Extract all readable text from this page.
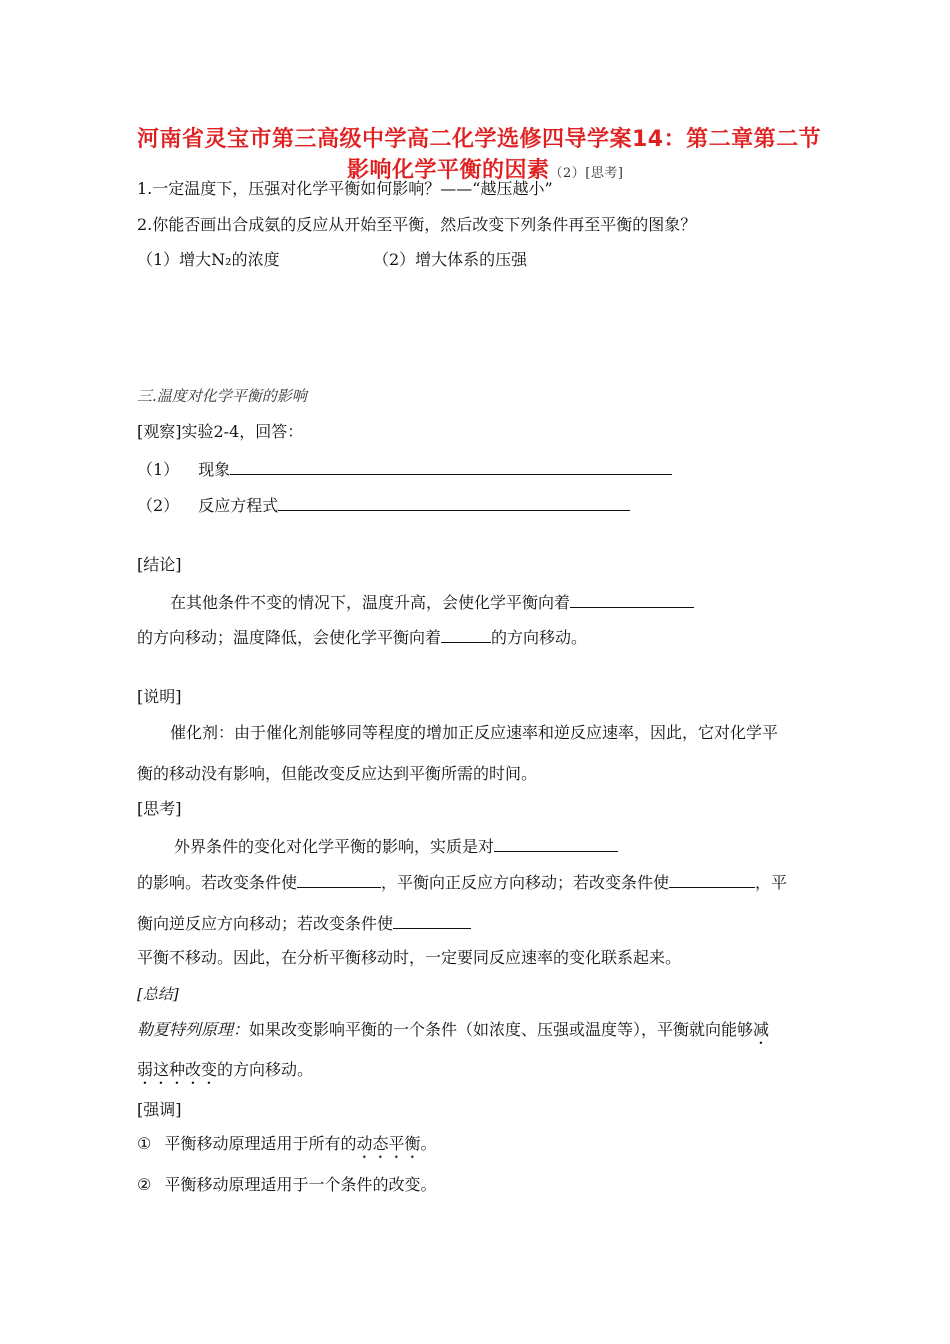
河南省灵宝市第三高级中学高二化学选修四导学案14：第二章第二节
影响化学平衡的因素（2）[思考]
1.一定温度下，压强对化学平衡如何影响？——“越压越小”
2.你能否画出合成氨的反应从开始至平衡，然后改变下列条件再至平衡的图象？
（1）增大N₂的浓度	（2）增大体系的压强
三.温度对化学平衡的影响
[观察]实验2-4，回答：
（1） 现象
（2） 反应方程式
[结论]
在其他条件不变的情况下，温度升高，会使化学平衡向着
的方向移动；温度降低，会使化学平衡向着	的方向移动。
[说明]
催化剂：由于催化剂能够同等程度的增加正反应速率和逆反应速率，因此，它对化学平
衡的移动没有影响，但能改变反应达到平衡所需的时间。
[思考]
外界条件的变化对化学平衡的影响，实质是对
的影响。若改变条件使	，平衡向正反应方向移动；若改变条件使	，平
衡向逆反应方向移动；若改变条件使
平衡不移动。因此，在分析平衡移动时，一定要同反应速率的变化联系起来。
[总结]
勒夏特列原理：如果改变影响平衡的一个条件（如浓度、压强或温度等），平衡就向能够减
弱这种改变的方向移动。
[强调]
① 平衡移动原理适用于所有的动态平衡。
② 平衡移动原理适用于一个条件的改变。
